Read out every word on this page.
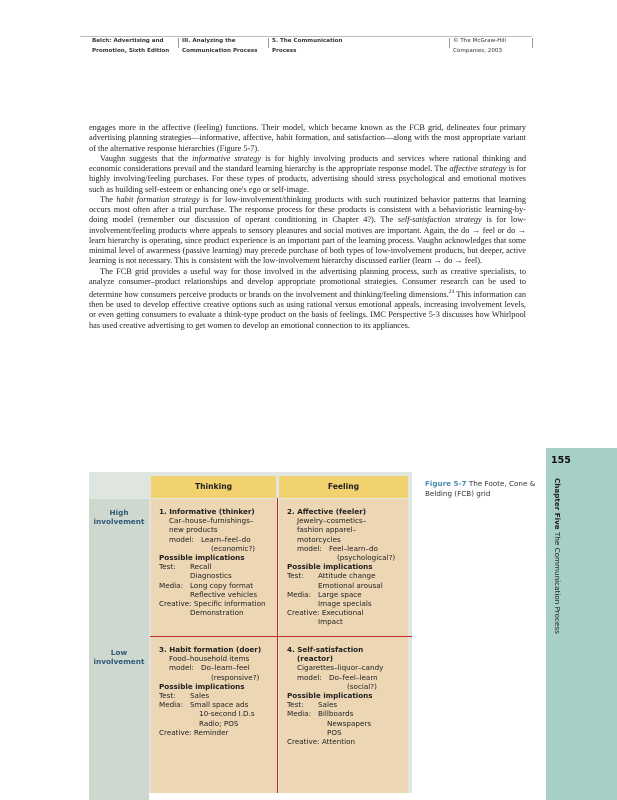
Belch: Advertising and
Promotion, Sixth Edition
III. Analyzing the
Communication Process
5. The Communication
Process
© The McGraw-Hill
Companies, 2003

engages more in the affective (feeling) functions. Their model, which became known as the FCB grid, delineates four primary advertising planning strategies—informative, affective, habit formation, and satisfaction—along with the most appropriate variant of the alternative response hierarchies (Figure 5-7).

Vaughn suggests that the informative strategy is for highly involving products and services where rational thinking and economic considerations prevail and the standard learning hierarchy is the appropriate response model. The affective strategy is for highly involving/feeling purchases. For these types of products, advertising should stress psychological and emotional motives such as building self-esteem or enhancing one's ego or self-image.

The habit formation strategy is for low-involvement/thinking products with such routinized behavior patterns that learning occurs most often after a trial purchase. The response process for these products is consistent with a behavioristic learning-by-doing model (remember our discussion of operant conditioning in Chapter 4?). The self-satisfaction strategy is for low-involvement/feeling products where appeals to sensory pleasures and social motives are important. Again, the do → feel or do → learn hierarchy is operating, since product experience is an important part of the learning process. Vaughn acknowledges that some minimal level of awareness (passive learning) may precede purchase of both types of low-involvement products, but deeper, active learning is not necessary. This is consistent with the low-involvement hierarchy discussed earlier (learn → do → feel).

The FCB grid provides a useful way for those involved in the advertising planning process, such as creative specialists, to analyze consumer–product relationships and develop appropriate promotional strategies. Consumer research can be used to determine how consumers perceive products or brands on the involvement and thinking/feeling dimensions.$^{24}$ This information can then be used to develop effective creative options such as using rational versus emotional appeals, increasing involvement levels, or even getting consumers to evaluate a think-type product on the basis of feelings. IMC Perspective 5-3 discusses how Whirlpool has used creative advertising to get women to develop an emotional connection to its appliances.

155
Chapter Five The Communication Process
Figure 5-7 The Foote, Cone & Belding (FCB) grid
Thinking	Feeling
High
involvement
Low
involvement
1. Informative (thinker)
Car–house–furnishings–
new products
model: Learn–feel–do
(economic?)
Possible implications
Test: Recall
Diagnostics
Media: Long copy format
Reflective vehicles
Creative: Specific information
Demonstration
2. Affective (feeler)
Jewelry–cosmetics–
fashion apparel–
motorcycles
model: Feel–learn–do
(psychological?)
Possible implications
Test: Attitude change
Emotional arousal
Media: Large space
Image specials
Creative: Executional
Impact
3. Habit formation (doer)
Food–household items
model: Do–learn–feel
(responsive?)
Possible implications
Test: Sales
Media: Small space ads
10-second I.D.s
Radio; POS
Creative: Reminder
4. Self-satisfaction
(reactor)
Cigarettes–liquor–candy
model: Do–feel–learn
(social?)
Possible implications
Test: Sales
Media: Billboards
Newspapers
POS
Creative: Attention
